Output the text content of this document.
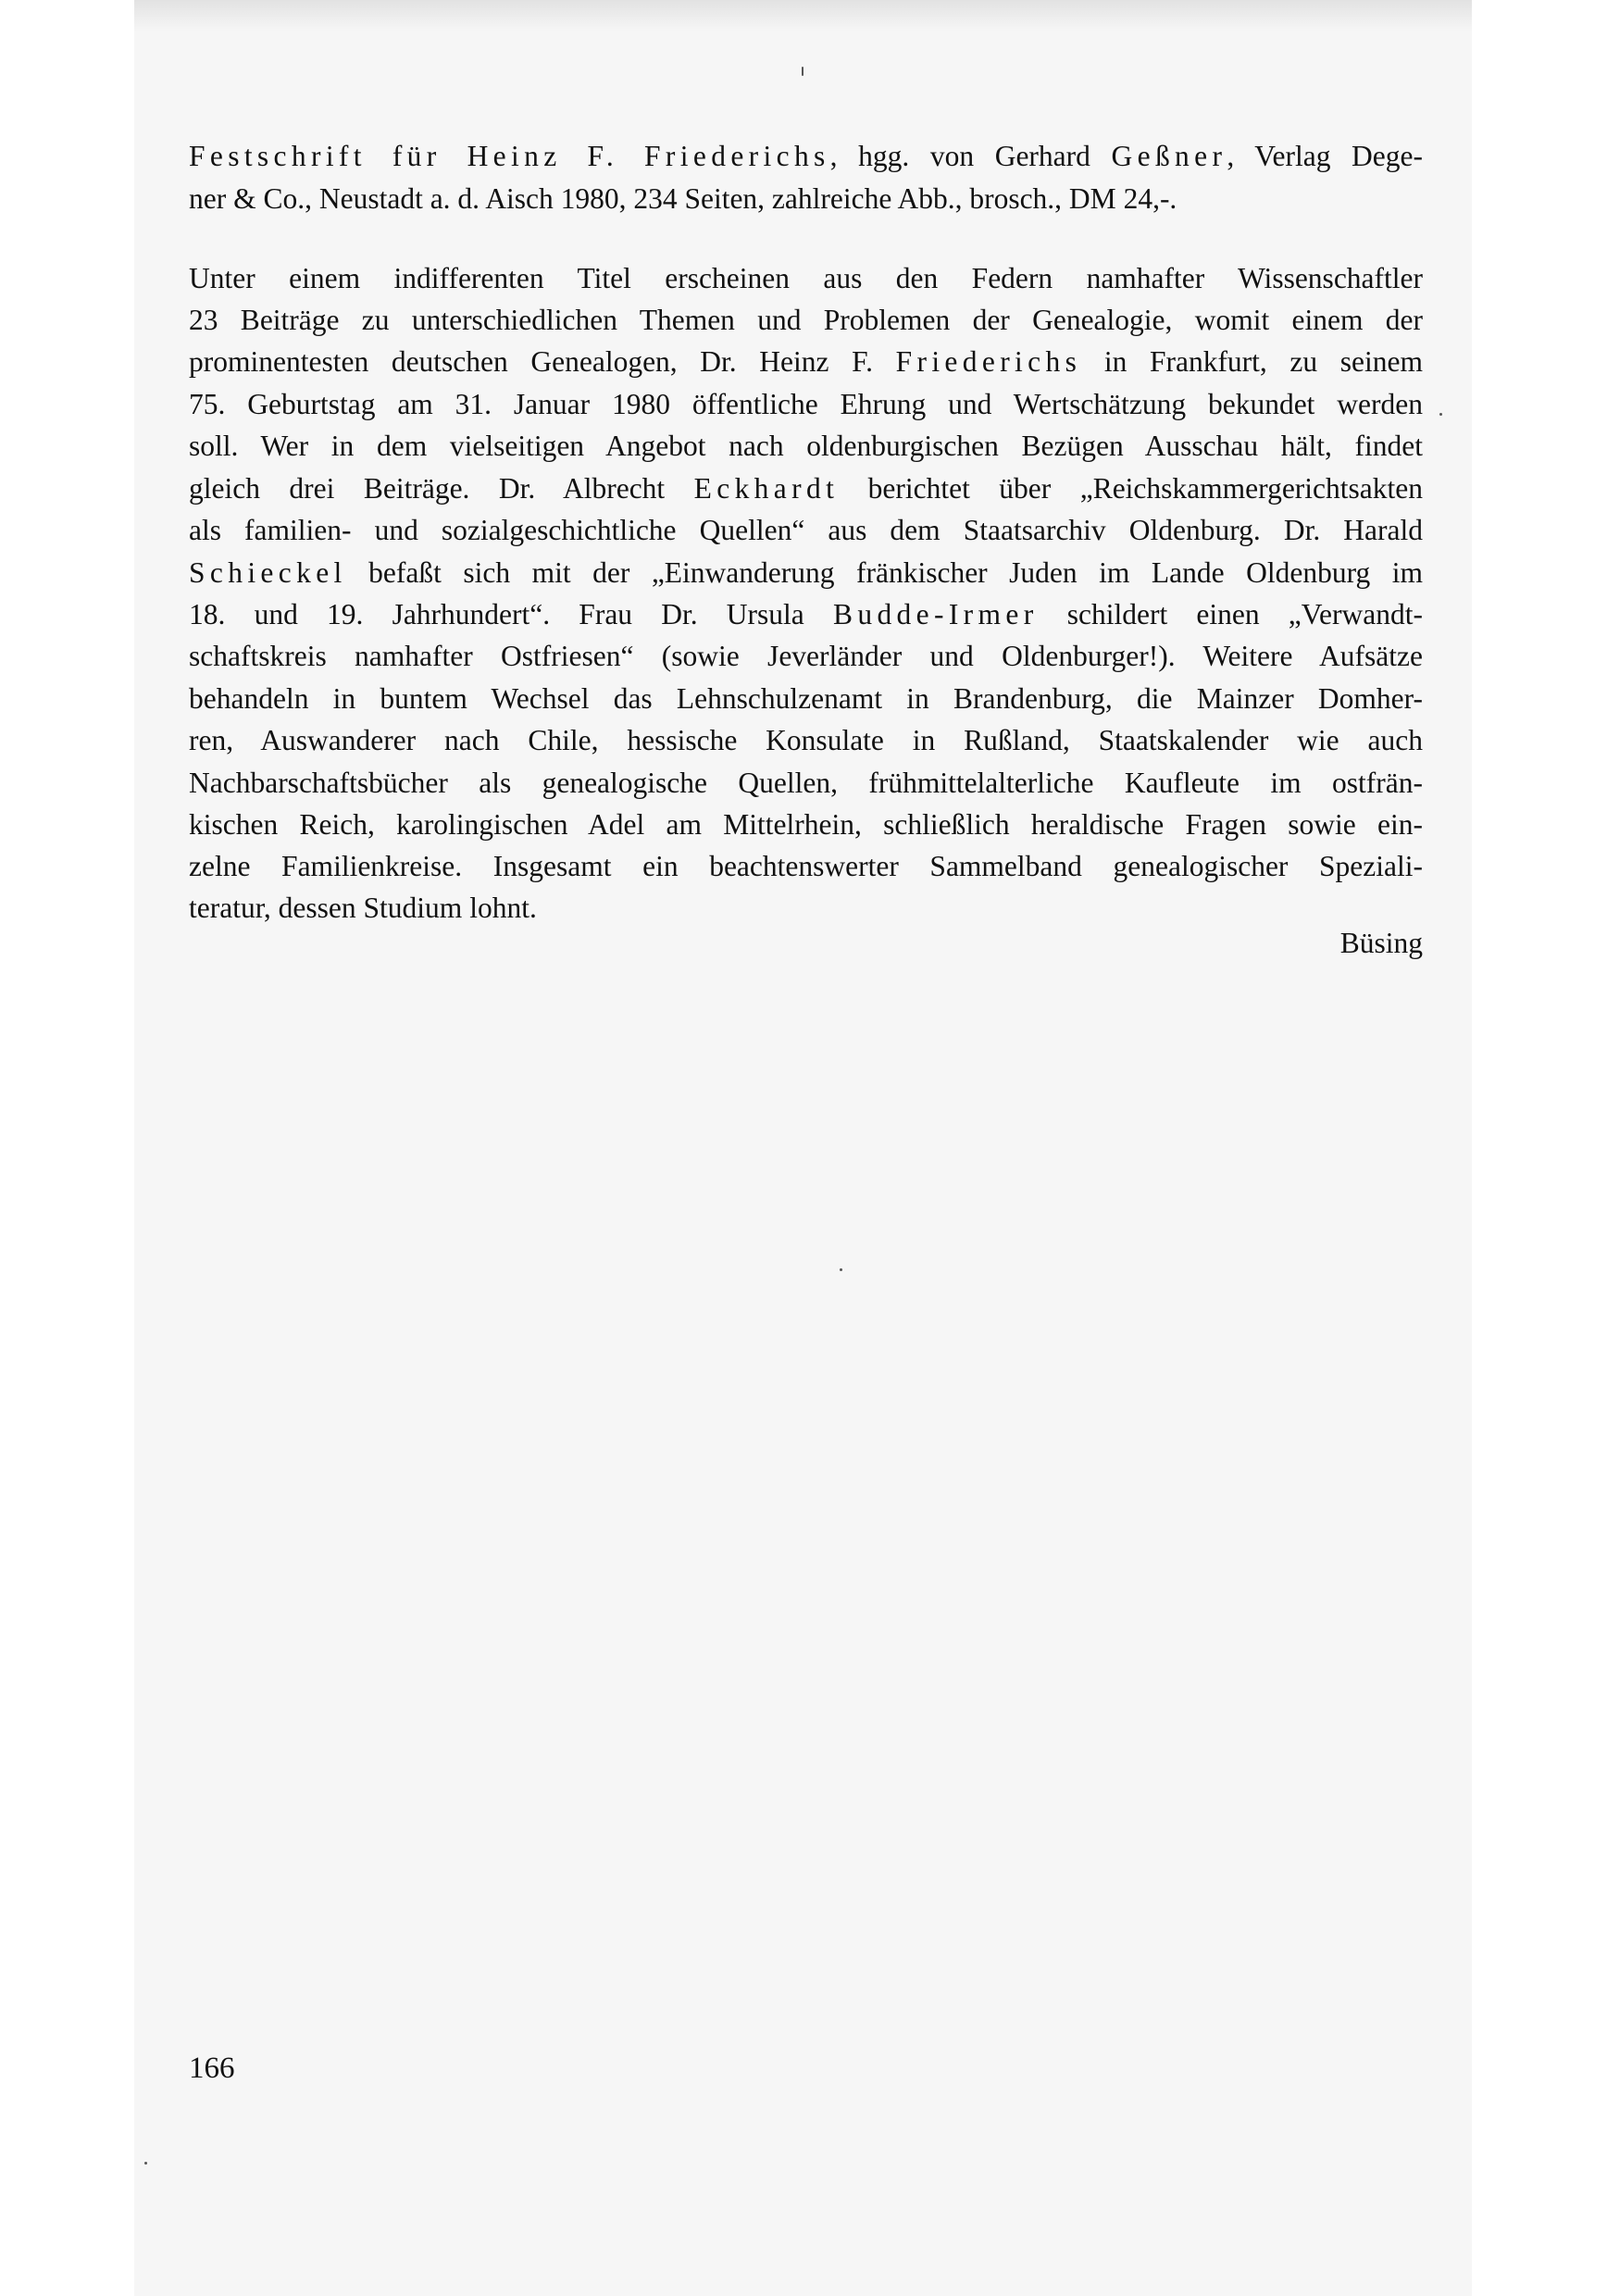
Festschrift für Heinz F. Friederichs, hgg. von Gerhard Geßner, Verlag Dege-
ner & Co., Neustadt a. d. Aisch 1980, 234 Seiten, zahlreiche Abb., brosch., DM 24,-.
Unter einem indifferenten Titel erscheinen aus den Federn namhafter Wissenschaftler
23 Beiträge zu unterschiedlichen Themen und Problemen der Genealogie, womit einem der
prominentesten deutschen Genealogen, Dr. Heinz F. Friederichs in Frankfurt, zu seinem
75. Geburtstag am 31. Januar 1980 öffentliche Ehrung und Wertschätzung bekundet werden
soll. Wer in dem vielseitigen Angebot nach oldenburgischen Bezügen Ausschau hält, findet
gleich drei Beiträge. Dr. Albrecht Eckhardt berichtet über „Reichskammergerichtsakten
als familien- und sozialgeschichtliche Quellen“ aus dem Staatsarchiv Oldenburg. Dr. Harald
Schieckel befaßt sich mit der „Einwanderung fränkischer Juden im Lande Oldenburg im
18. und 19. Jahrhundert“. Frau Dr. Ursula Budde-Irmer schildert einen „Verwandt-
schaftskreis namhafter Ostfriesen“ (sowie Jeverländer und Oldenburger!). Weitere Aufsätze
behandeln in buntem Wechsel das Lehnschulzenamt in Brandenburg, die Mainzer Domher-
ren, Auswanderer nach Chile, hessische Konsulate in Rußland, Staatskalender wie auch
Nachbarschaftsbücher als genealogische Quellen, frühmittelalterliche Kaufleute im ostfrän-
kischen Reich, karolingischen Adel am Mittelrhein, schließlich heraldische Fragen sowie ein-
zelne Familienkreise. Insgesamt ein beachtenswerter Sammelband genealogischer Speziali-
teratur, dessen Studium lohnt.
Büsing
166
